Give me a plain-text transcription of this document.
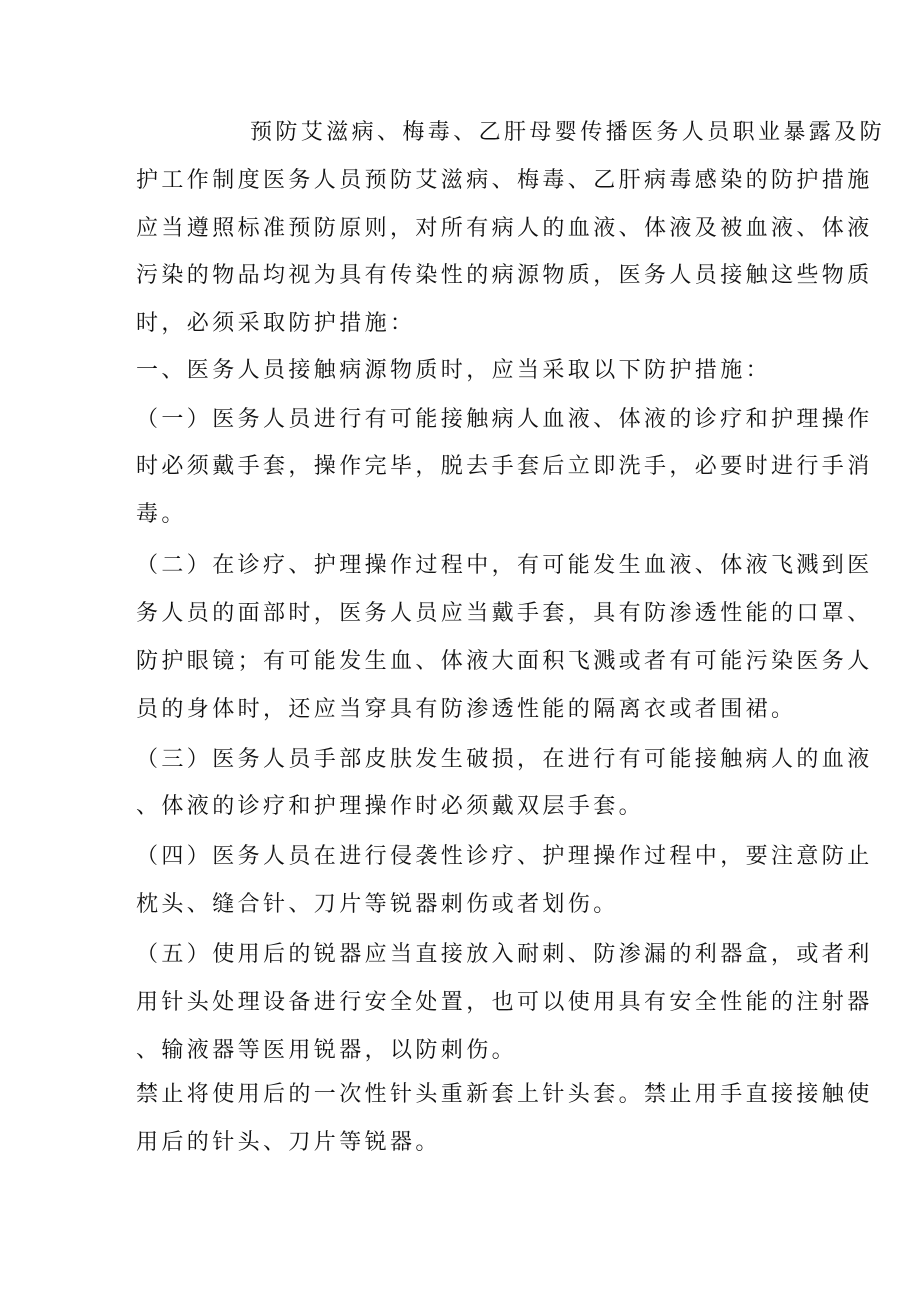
预防艾滋病、梅毒、乙肝母婴传播医务人员职业暴露及防
护工作制度医务人员预防艾滋病、梅毒、乙肝病毒感染的防护措施
应当遵照标准预防原则，对所有病人的血液、体液及被血液、体液
污染的物品均视为具有传染性的病源物质，医务人员接触这些物质
时，必须采取防护措施：
一、医务人员接触病源物质时，应当采取以下防护措施：
（一）医务人员进行有可能接触病人血液、体液的诊疗和护理操作
时必须戴手套，操作完毕，脱去手套后立即洗手，必要时进行手消
毒。
（二）在诊疗、护理操作过程中，有可能发生血液、体液飞溅到医
务人员的面部时，医务人员应当戴手套，具有防渗透性能的口罩、
防护眼镜；有可能发生血、体液大面积飞溅或者有可能污染医务人
员的身体时，还应当穿具有防渗透性能的隔离衣或者围裙。
（三）医务人员手部皮肤发生破损，在进行有可能接触病人的血液
、体液的诊疗和护理操作时必须戴双层手套。
（四）医务人员在进行侵袭性诊疗、护理操作过程中，要注意防止
枕头、缝合针、刀片等锐器刺伤或者划伤。
（五）使用后的锐器应当直接放入耐刺、防渗漏的利器盒，或者利
用针头处理设备进行安全处置，也可以使用具有安全性能的注射器
、输液器等医用锐器，以防刺伤。
禁止将使用后的一次性针头重新套上针头套。禁止用手直接接触使
用后的针头、刀片等锐器。
